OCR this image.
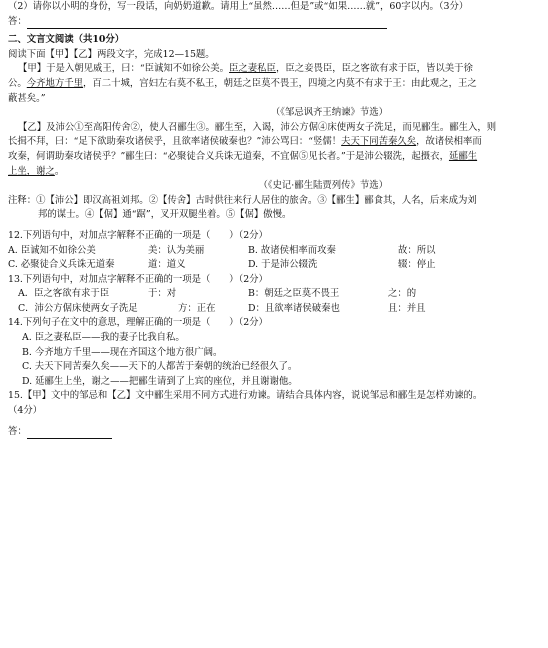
（2）请你以小明的身份，写一段话，向奶奶道歉。请用上“虽然……但是”或“如果……就”，60字以内。（3分）
答：
二、文言文阅读（共10分）
阅读下面【甲】【乙】两段文字，完成12—15题。
【甲】于是入朝见威王，曰：“臣诚知不如徐公美。臣之妻私臣，臣之妾畏臣，臣之客欲有求于臣，皆以美于徐
公。今齐地方千里，百二十城，宫妇左右莫不私王，朝廷之臣莫不畏王，四境之内莫不有求于王：由此观之，王之
蔽甚矣。”
（《邹忌讽齐王纳谏》节选）
【乙】及沛公①至高阳传舍②，使人召郦生③。郦生至，入谒，沛公方倨④床使两女子洗足，而见郦生。郦生入，则
长揖不拜，曰：“足下欲助秦攻诸侯乎，且欲率诸侯破秦也？”沛公骂曰：“竖儒！夫天下同苦秦久矣，故诸侯相率而
攻秦，何谓助秦攻诸侯乎？”郦生曰：“必聚徒合义兵诛无道秦，不宜倨⑤见长者。”于是沛公辍洗，起摄衣，延郦生
上坐，谢之。
（《史记·郦生陆贾列传》节选）
注释：①【沛公】即汉高祖刘邦。②【传舍】古时供往来行人居住的旅舍。③【郦生】郦食其，人名，后来成为刘
邦的谋士。④【倨】通“踞”，叉开双腿坐着。⑤【倨】傲慢。
12.下列语句中，对加点字解释不正确的一项是（　　）（2分）
A. 臣诚知不如徐公美	美：认为美丽	B. 故诸侯相率而攻秦	故：所以
C. 必聚徒合义兵诛无道秦	道：道义	D. 于是沛公辍洗	辍：停止
13.下列语句中，对加点字解释不正确的一项是（　　）（2分）
A．臣之客欲有求于臣	于：对	B：朝廷之臣莫不畏王	之：的
C．沛公方倨床使两女子洗足	方：正在	D：且欲率诸侯破秦也	且：并且
14.下列句子在文中的意思，理解正确的一项是（　　）（2分）
A. 臣之妻私臣——我的妻子比我自私。
B. 今齐地方千里——现在齐国这个地方很广阔。
C. 夫天下同苦秦久矣——天下的人都苦于秦朝的统治已经很久了。
D. 延郦生上坐，谢之——把郦生请到了上宾的座位，并且谢谢他。
15.【甲】文中的邹忌和【乙】文中郦生采用不同方式进行劝谏。请结合具体内容，说说邹忌和郦生是怎样劝谏的。
（4分）
答：
